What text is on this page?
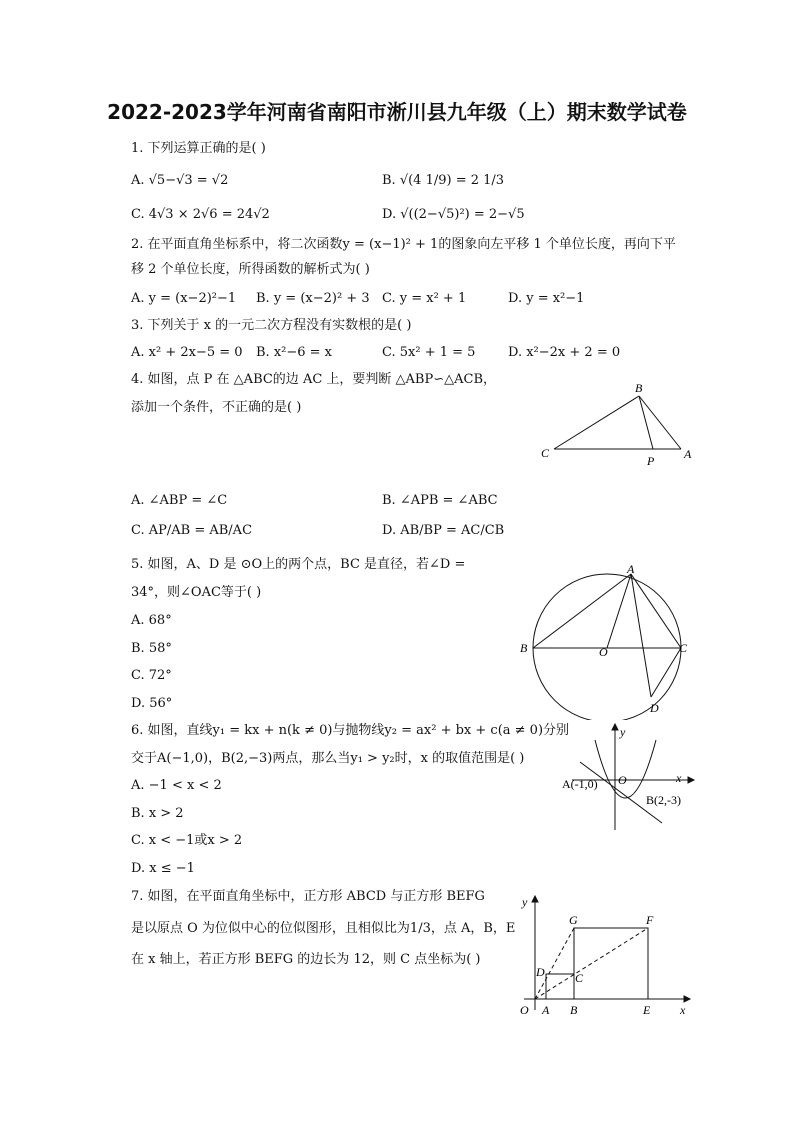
2022-2023学年河南省南阳市淅川县九年级（上）期末数学试卷
1. 下列运算正确的是( )
A. √5−√3 = √2	B. √(4 1/9) = 2 1/3
C. 4√3 × 2√6 = 24√2	D. √((2−√5)²) = 2−√5
2. 在平面直角坐标系中，将二次函数y = (x−1)² + 1的图象向左平移 1 个单位长度，再向下平
移 2 个单位长度，所得函数的解析式为( )
A. y = (x−2)²−1 B. y = (x−2)² + 3 C. y = x² + 1	D. y = x²−1
3. 下列关于 x 的一元二次方程没有实数根的是( )
A. x² + 2x−5 = 0 B. x²−6 = x	C. 5x² + 1 = 5	D. x²−2x + 2 = 0
4. 如图，点 P 在 △ABC的边 AC 上，要判断 △ABP∽△ACB，
添加一个条件，不正确的是( )
B
C
P A
A. ∠ABP = ∠C	B. ∠APB = ∠ABC
C. AP/AB = AB/AC	D. AB/BP = AC/CB
5. 如图，A、D 是 ⊙O上的两个点，BC 是直径，若∠D =
34°，则∠OAC等于( )
A. 68°
B. 58°
C. 72°
D. 56°
A
B	O	C
D
6. 如图，直线y₁ = kx + n(k ≠ 0)与抛物线y₂ = ax² + bx + c(a ≠ 0)分别
交于A(−1,0)，B(2,−3)两点，那么当y₁ > y₂时，x 的取值范围是( )
A. −1 < x < 2
B. x > 2
C. x < −1或x > 2
D. x ≤ −1
y
x
O
A(-1,0)
B(2,-3)
7. 如图，在平面直角坐标中，正方形 ABCD 与正方形 BEFG
是以原点 O 为位似中心的位似图形，且相似比为1/3，点 A，B，E
在 x 轴上，若正方形 BEFG 的边长为 12，则 C 点坐标为( )
y
x
O A B	E
G	F
D	C
